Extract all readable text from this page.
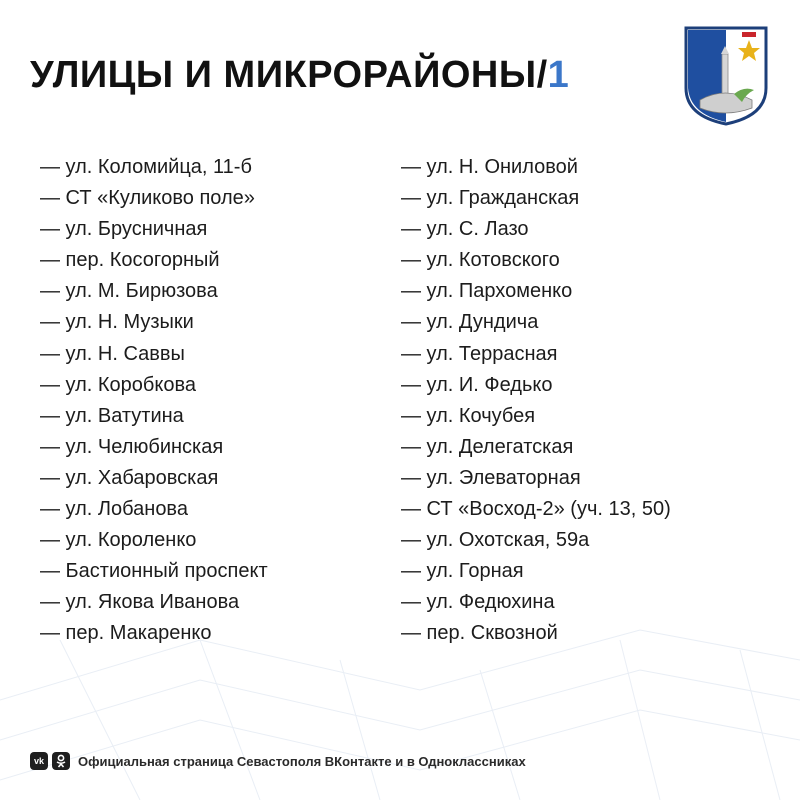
УЛИЦЫ И МИКРОРАЙОНЫ/1
— ул. Коломийца, 11-б
— СТ «Куликово поле»
— ул. Брусничная
— пер. Косогорный
— ул. М. Бирюзова
— ул. Н. Музыки
— ул. Н. Саввы
— ул. Коробкова
— ул. Ватутина
— ул. Челюбинская
— ул. Хабаровская
— ул. Лобанова
— ул. Короленко
— Бастионный проспект
— ул. Якова Иванова
— пер. Макаренко
— ул. Н. Ониловой
— ул. Гражданская
— ул. С. Лазо
— ул. Котовского
— ул. Пархоменко
— ул. Дундича
— ул. Террасная
— ул. И. Федько
— ул. Кочубея
— ул. Делегатская
— ул. Элеваторная
— СТ «Восход-2» (уч. 13, 50)
— ул. Охотская, 59а
— ул. Горная
— ул. Федюхина
— пер. Сквозной
vk	Официальная страница Севастополя ВКонтакте и в Одноклассниках
